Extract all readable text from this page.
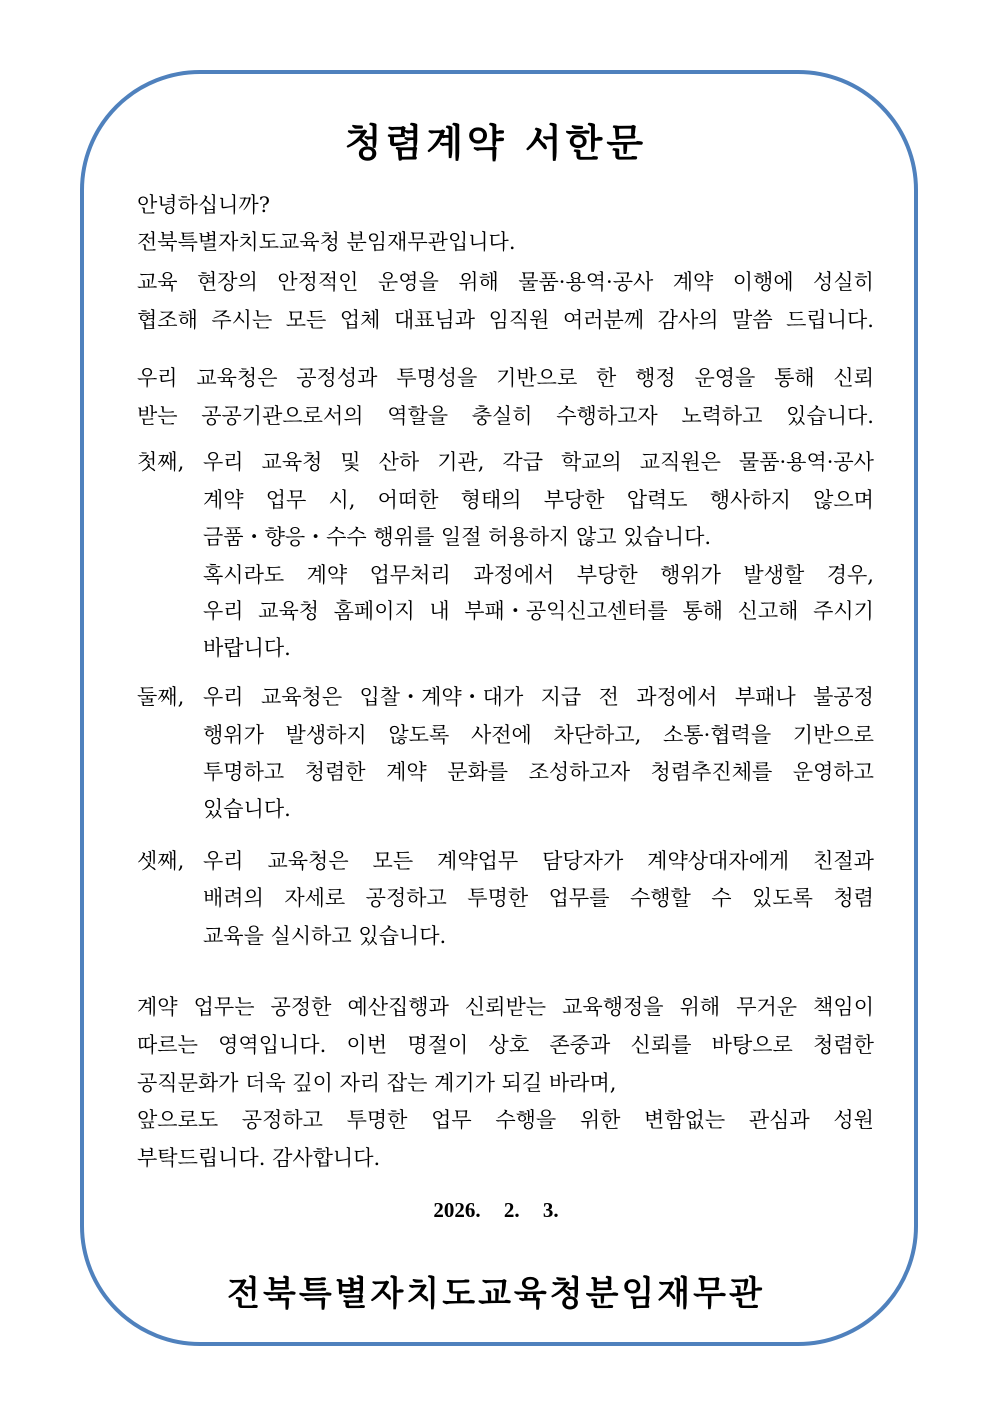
청렴계약 서한문
안녕하십니까?
전북특별자치도교육청 분임재무관입니다.
교육 현장의 안정적인 운영을 위해 물품·용역·공사 계약 이행에 성실히
협조해 주시는 모든 업체 대표님과 임직원 여러분께 감사의 말씀 드립니다.
우리 교육청은 공정성과 투명성을 기반으로 한 행정 운영을 통해 신뢰
받는 공공기관으로서의 역할을 충실히 수행하고자 노력하고 있습니다.
첫째, 우리 교육청 및 산하 기관, 각급 학교의 교직원은 물품·용역·공사
계약 업무 시, 어떠한 형태의 부당한 압력도 행사하지 않으며
금품・향응・수수 행위를 일절 허용하지 않고 있습니다.
혹시라도 계약 업무처리 과정에서 부당한 행위가 발생할 경우,
우리 교육청 홈페이지 내 부패・공익신고센터를 통해 신고해 주시기
바랍니다.
둘째, 우리 교육청은 입찰・계약・대가 지급 전 과정에서 부패나 불공정
행위가 발생하지 않도록 사전에 차단하고, 소통·협력을 기반으로
투명하고 청렴한 계약 문화를 조성하고자 청렴추진체를 운영하고
있습니다.
셋째, 우리 교육청은 모든 계약업무 담당자가 계약상대자에게 친절과
배려의 자세로 공정하고 투명한 업무를 수행할 수 있도록 청렴
교육을 실시하고 있습니다.
계약 업무는 공정한 예산집행과 신뢰받는 교육행정을 위해 무거운 책임이
따르는 영역입니다. 이번 명절이 상호 존중과 신뢰를 바탕으로 청렴한
공직문화가 더욱 깊이 자리 잡는 계기가 되길 바라며,
앞으로도 공정하고 투명한 업무 수행을 위한 변함없는 관심과 성원
부탁드립니다. 감사합니다.
2026. 2. 3.
전북특별자치도교육청분임재무관
